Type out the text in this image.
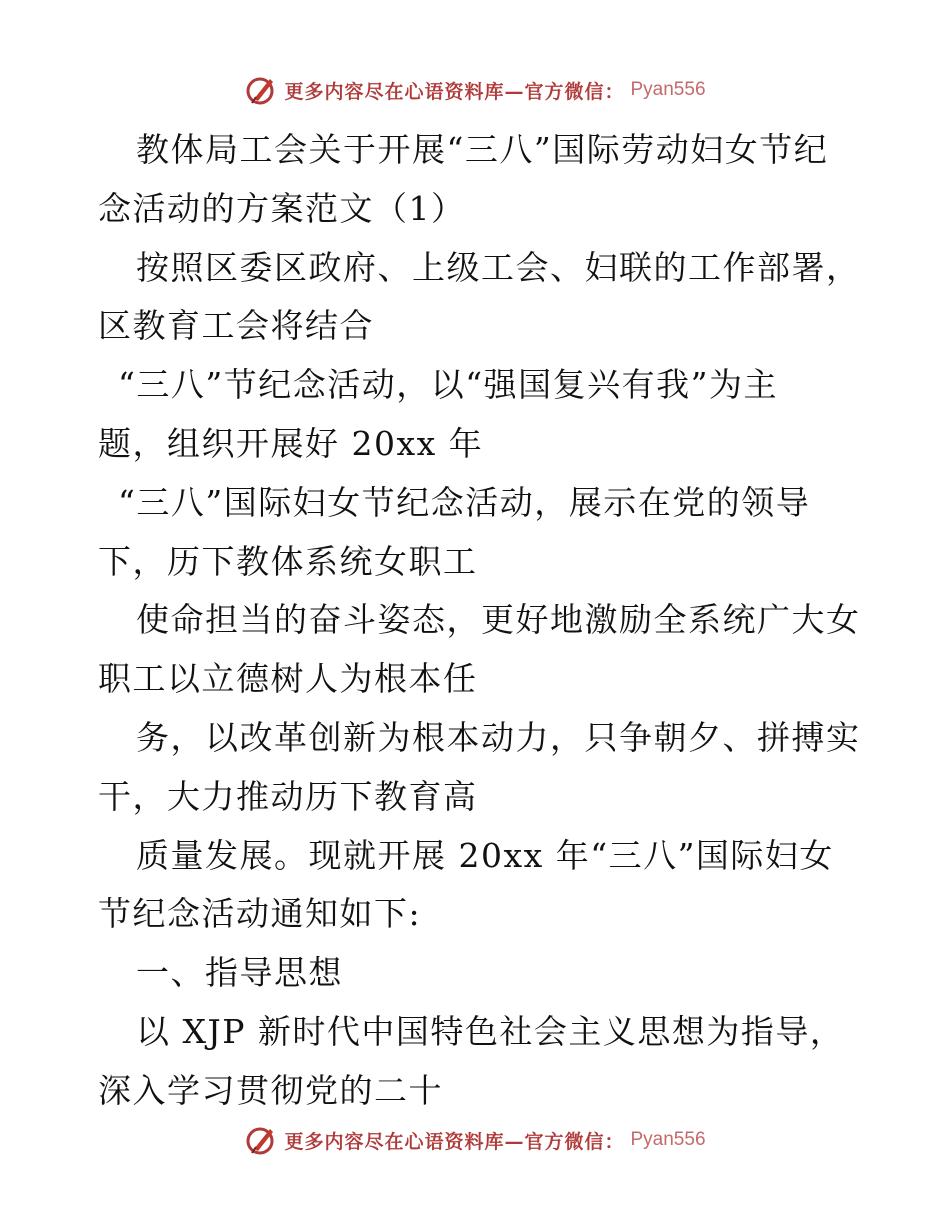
更多内容尽在心语资料库—官方微信： Pyan556
教体局工会关于开展“三八”国际劳动妇女节纪
念活动的方案范文（1）
按照区委区政府、上级工会、妇联的工作部署，
区教育工会将结合
“三八”节纪念活动，以“强国复兴有我”为主
题，组织开展好 20xx 年
“三八”国际妇女节纪念活动，展示在党的领导
下，历下教体系统女职工
使命担当的奋斗姿态，更好地激励全系统广大女
职工以立德树人为根本任
务，以改革创新为根本动力，只争朝夕、拼搏实
干，大力推动历下教育高
质量发展。现就开展 20xx 年“三八”国际妇女
节纪念活动通知如下:
一、指导思想
以 XJP 新时代中国特色社会主义思想为指导，
深入学习贯彻党的二十
更多内容尽在心语资料库—官方微信： Pyan556
